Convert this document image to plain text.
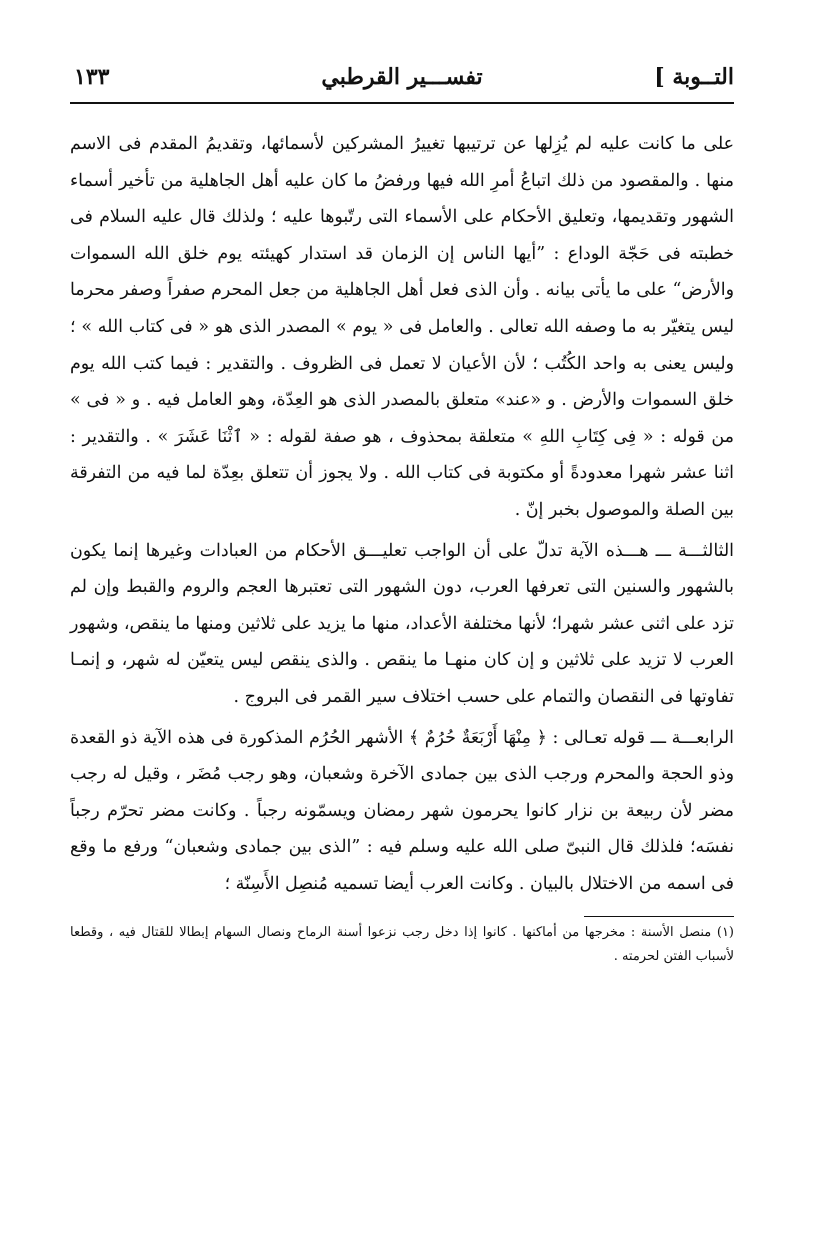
التــوبة ]
تفســـير القرطبي
١٣٣

على ما كانت عليه لم يُزِلها عن ترتيبها تغييرُ المشركين لأسمائها، وتقديمُ المقدم فى الاسم منها . والمقصود من ذلك اتباعُ أمرِ الله فيها ورفضُ ما كان عليه أهل الجاهلية من تأخير أسماء الشهور وتقديمها، وتعليق الأحكام على الأسماء التى رتّبوها عليه ؛ ولذلك قال عليه السلام فى خطبته فى حَجّة الوداع : ”أيها الناس إن الزمان قد استدار كهيئته يوم خلق الله السموات والأرض“ على ما يأتى بيانه . وأن الذى فعل أهل الجاهلية من جعل المحرم صفراً وصفر محرما ليس يتغيّر به ما وصفه الله تعالى . والعامل فى « يوم » المصدر الذى هو « فى كتاب الله » ؛ وليس يعنى به واحد الكُتُب ؛ لأن الأعيان لا تعمل فى الظروف . والتقدير : فيما كتب الله يوم خلق السموات والأرض . و «عند» متعلق بالمصدر الذى هو العِدّة، وهو العامل فيه . و « فى » من قوله : « فِى كِتَابِ اللهِ » متعلقة بمحذوف ، هو صفة لقوله : « ٱثْنَا عَشَرَ » . والتقدير : اثنا عشر شهرا معدودةً أو مكتوبة فى كتاب الله . ولا يجوز أن تتعلق بعِدّة لما فيه من التفرقة بين الصلة والموصول بخبر إنّ .

الثالثـــة ـــ هـــذه الآية تدلّ على أن الواجب تعليـــق الأحكام من العبادات وغيرها إنما يكون بالشهور والسنين التى تعرفها العرب، دون الشهور التى تعتبرها العجم والروم والقبط وإن لم تزد على اثنى عشر شهرا؛ لأنها مختلفة الأعداد، منها ما يزيد على ثلاثين ومنها ما ينقص، وشهور العرب لا تزيد على ثلاثين و إن كان منهـا ما ينقص . والذى ينقص ليس يتعيّن له شهر، و إنمـا تفاوتها فى النقصان والتمام على حسب اختلاف سير القمر فى البروج .

الرابعـــة ـــ قوله تعـالى : ﴿ مِنْهَا أَرْبَعَةٌ حُرُمٌ ﴾ الأشهر الحُرُم المذكورة فى هذه الآية ذو القعدة وذو الحجة والمحرم ورجب الذى بين جمادى الآخرة وشعبان، وهو رجب مُضَر ، وقيل له رجب مضر لأن ربيعة بن نزار كانوا يحرمون شهر رمضان ويسمّونه رجباً . وكانت مضر تحرّم رجباً نفسَه؛ فلذلك قال النبىّ صلى الله عليه وسلم فيه : ”الذى بين جمادى وشعبان“ ورفع ما وقع فى اسمه من الاختلال بالبيان . وكانت العرب أيضا تسميه مُنصِل الأَسِنّة ؛

(١) منصل الأسنة : مخرجها من أماكنها . كانوا إذا دخل رجب نزعوا أسنة الرماح ونصال السهام إبطالا للقتال فيه ، وقطعا لأسباب الفتن لحرمته .
